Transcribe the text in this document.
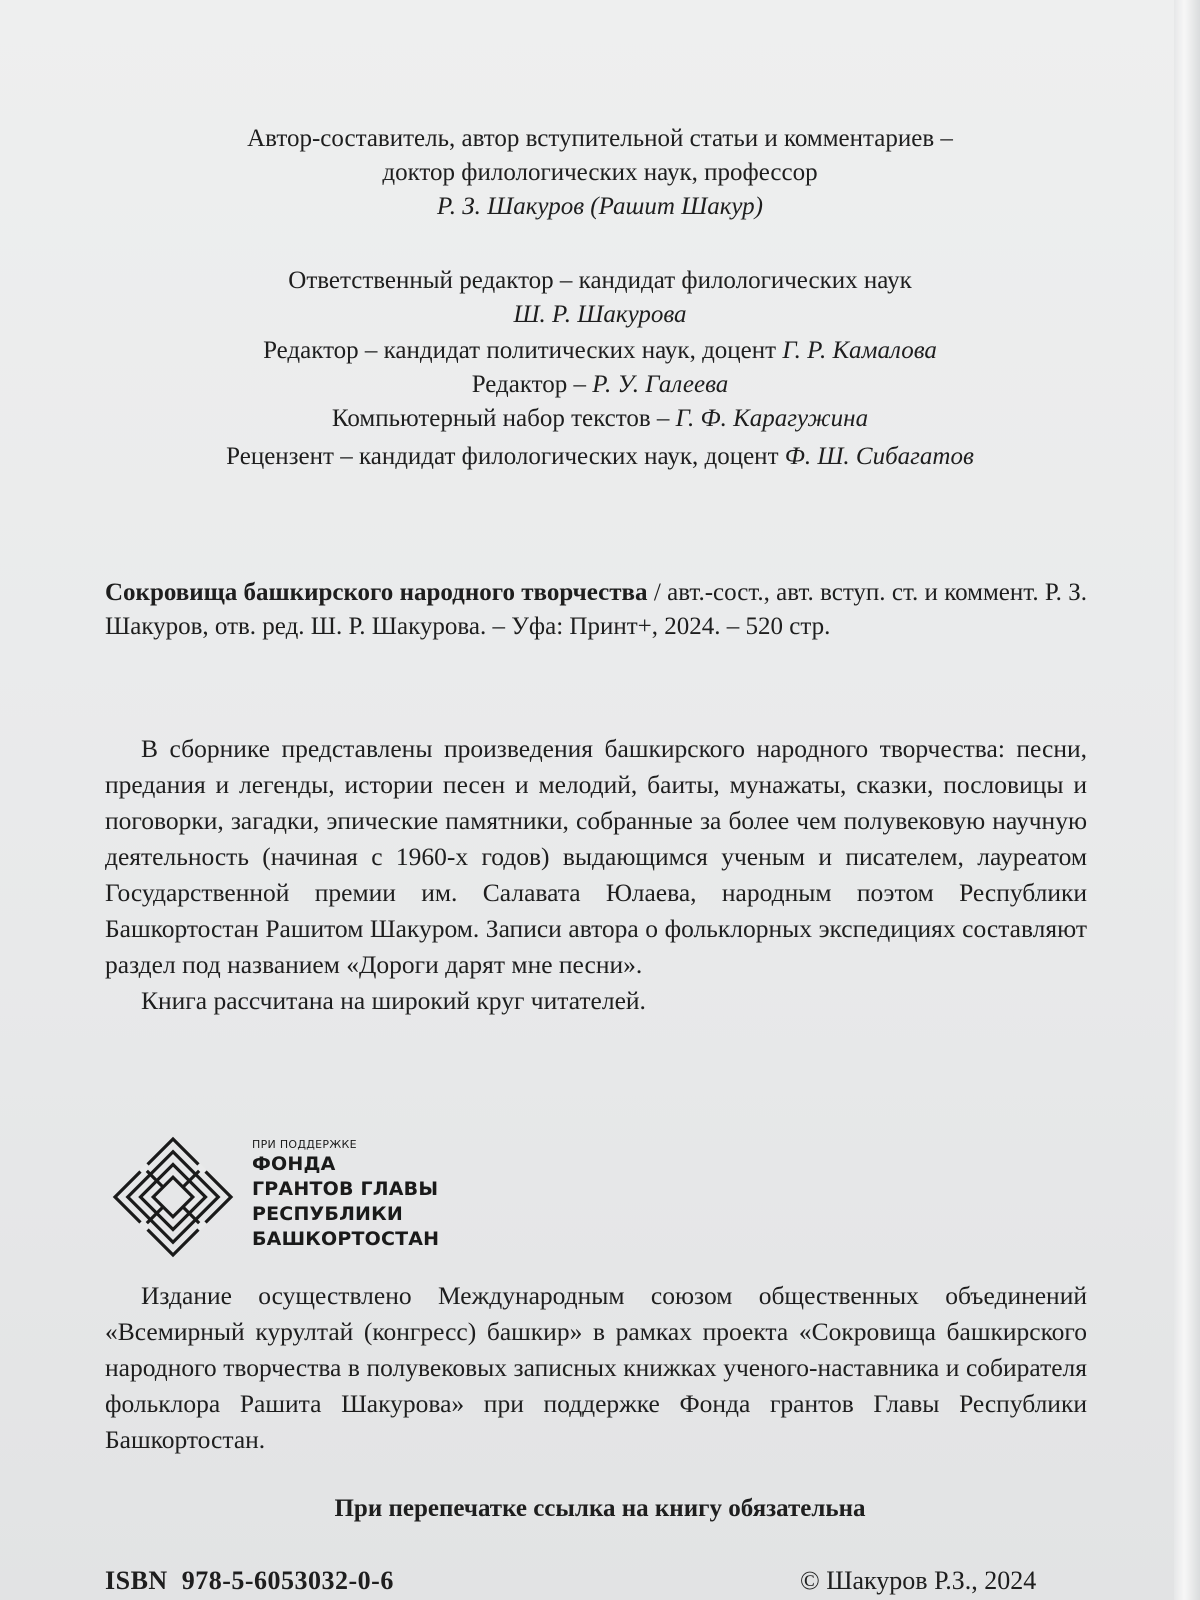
Автор-составитель, автор вступительной статьи и комментариев –
доктор филологических наук, профессор
Р. З. Шакуров (Рашит Шакур)
Ответственный редактор – кандидат филологических наук
Ш. Р. Шакурова
Редактор – кандидат политических наук, доцент Г. Р. Камалова
Редактор – Р. У. Галеева
Компьютерный набор текстов – Г. Ф. Карагужина
Рецензент – кандидат филологических наук, доцент Ф. Ш. Сибагатов

Сокровища башкирского народного творчества / авт.-сост., авт. вступ. ст. и коммент. Р. З. Шакуров, отв. ред. Ш. Р. Шакурова. – Уфа: Принт+, 2024. – 520 стр.

В сборнике представлены произведения башкирского народного творчества: песни, предания и легенды, истории песен и мелодий, баиты, мунажаты, сказки, пословицы и поговорки, загадки, эпические памятники, собранные за более чем полувековую научную деятельность (начиная с 1960-х годов) выдающимся ученым и писателем, лауреатом Государственной премии им. Салавата Юлаева, народным поэтом Республики Башкортостан Рашитом Шакуром. Записи автора о фольклорных экспедициях составляют раздел под названием «Дороги дарят мне песни».

Книга рассчитана на широкий круг читателей.

ПРИ ПОДДЕРЖКЕ
ФОНДА
ГРАНТОВ ГЛАВЫ
РЕСПУБЛИКИ
БАШКОРТОСТАН

Издание осуществлено Международным союзом общественных объединений «Всемирный курултай (конгресс) башкир» в рамках проекта «Сокровища башкирского народного творчества в полувековых записных книжках ученого-наставника и собирателя фольклора Рашита Шакурова» при поддержке Фонда грантов Главы Республики Башкортостан.

При перепечатке ссылка на книгу обязательна
ISBN  978-5-6053032-0-6	© Шакуров Р.З., 2024
